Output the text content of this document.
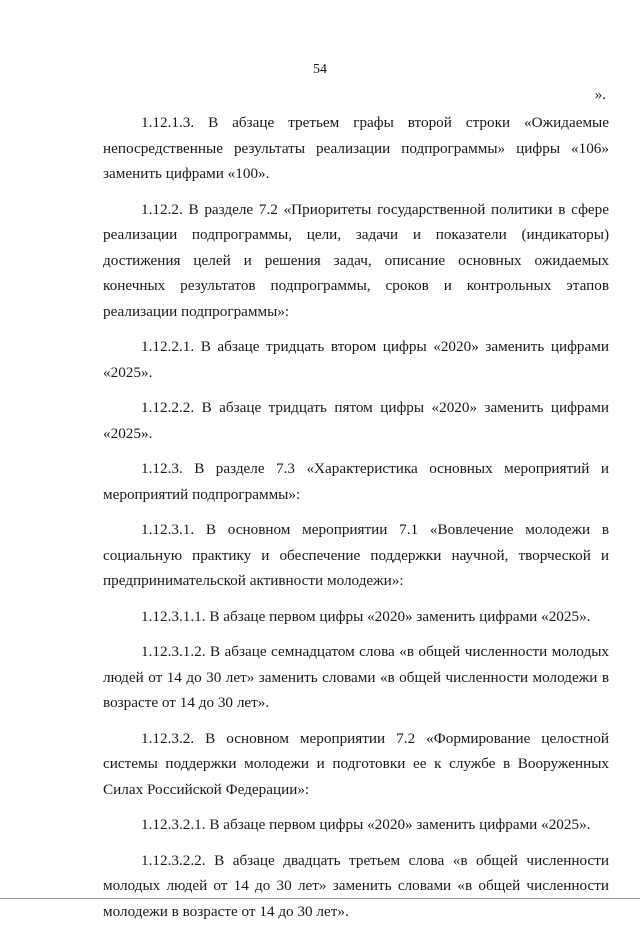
54
».

1.12.1.3. В абзаце третьем графы второй строки «Ожидаемые непосредственные результаты реализации подпрограммы» цифры «106» заменить цифрами «100».

1.12.2. В разделе 7.2 «Приоритеты государственной политики в сфере реализации подпрограммы, цели, задачи и показатели (индикаторы) достижения целей и решения задач, описание основных ожидаемых конечных результатов подпрограммы, сроков и контрольных этапов реализации подпрограммы»:

1.12.2.1. В абзаце тридцать втором цифры «2020» заменить цифрами «2025».

1.12.2.2. В абзаце тридцать пятом цифры «2020» заменить цифрами «2025».

1.12.3. В разделе 7.3 «Характеристика основных мероприятий и мероприятий подпрограммы»:

1.12.3.1. В основном мероприятии 7.1 «Вовлечение молодежи в социальную практику и обеспечение поддержки научной, творческой и предпринимательской активности молодежи»:

1.12.3.1.1. В абзаце первом цифры «2020» заменить цифрами «2025».

1.12.3.1.2. В абзаце семнадцатом слова «в общей численности молодых людей от 14 до 30 лет» заменить словами «в общей численности молодежи в возрасте от 14 до 30 лет».

1.12.3.2. В основном мероприятии 7.2 «Формирование целостной системы поддержки молодежи и подготовки ее к службе в Вооруженных Силах Российской Федерации»:

1.12.3.2.1. В абзаце первом цифры «2020» заменить цифрами «2025».

1.12.3.2.2. В абзаце двадцать третьем слова «в общей численности молодых людей от 14 до 30 лет» заменить словами «в общей численности молодежи в возрасте от 14 до 30 лет».
